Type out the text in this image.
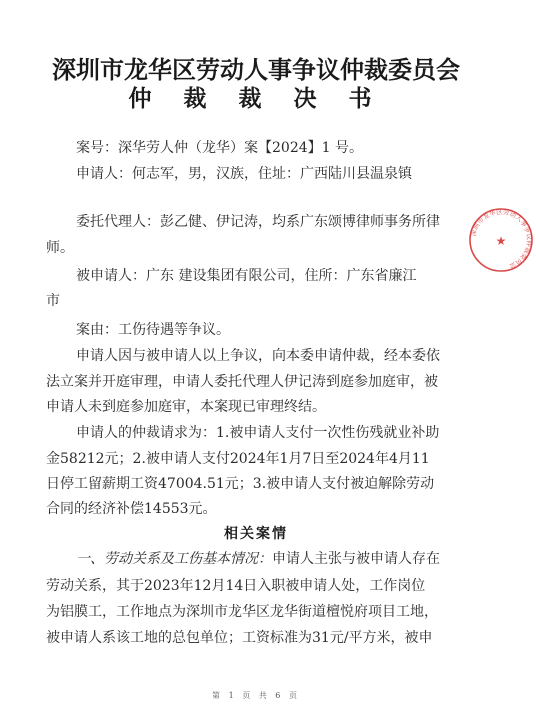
深圳市龙华区劳动人事争议仲裁委员会
仲 裁 裁 决 书
案号：深华劳人仲（龙华）案【2024】1 号。
申请人：何志军，男，汉族，住址：广西陆川县温泉镇
委托代理人：彭乙健、伊记涛，均系广东颂博律师事务所律
师。
被申请人：广东 建设集团有限公司，住所：广东省廉江
市
案由：工伤待遇等争议。
申请人因与被申请人以上争议，向本委申请仲裁，经本委依
法立案并开庭审理，申请人委托代理人伊记涛到庭参加庭审，被
申请人未到庭参加庭审，本案现已审理终结。
申请人的仲裁请求为：1.被申请人支付一次性伤残就业补助
金58212元；2.被申请人支付2024年1月7日至2024年4月11
日停工留薪期工资47004.51元；3.被申请人支付被迫解除劳动
合同的经济补偿14553元。
相关案情
一、劳动关系及工伤基本情况：申请人主张与被申请人存在
劳动关系，其于2023年12月14日入职被申请人处，工作岗位
为铝膜工，工作地点为深圳市龙华区龙华街道檀悦府项目工地，
被申请人系该工地的总包单位；工资标准为31元/平方米，被申
第 1 页 共 6 页
深圳市龙华区劳动人事争议仲裁委员会
★
